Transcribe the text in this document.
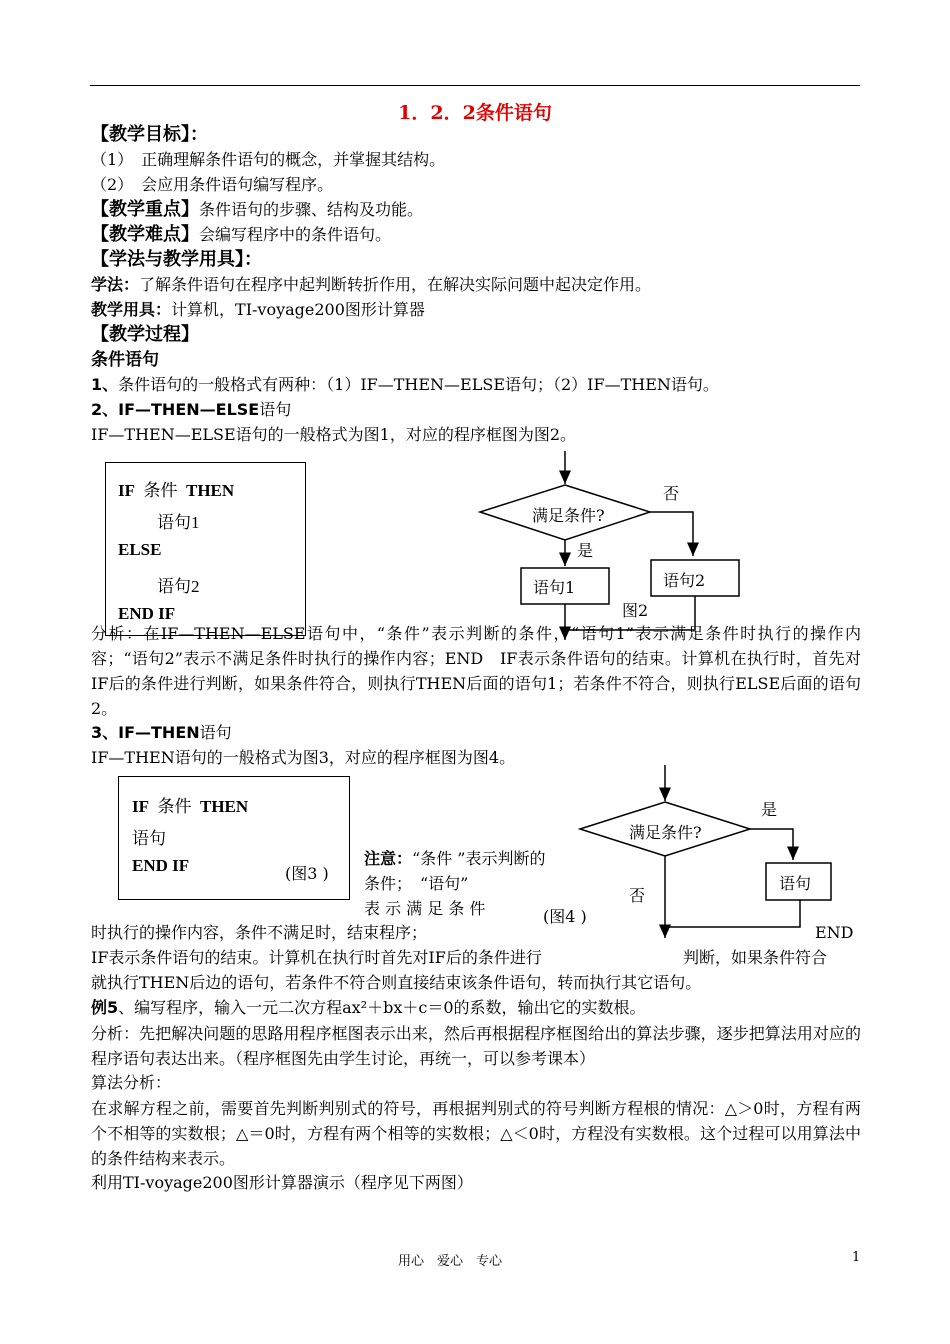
1．2．2条件语句
【教学目标】：
（1）　正确理解条件语句的概念，并掌握其结构。
（2）　会应用条件语句编写程序。
【教学重点】条件语句的步骤、结构及功能。
【教学难点】会编写程序中的条件语句。
【学法与教学用具】：
学法：了解条件语句在程序中起判断转折作用，在解决实际问题中起决定作用。
教学用具：计算机，TI-voyage200图形计算器
【教学过程】
条件语句
1、条件语句的一般格式有两种：（1）IF—THEN—ELSE语句；（2）IF—THEN语句。
2、IF—THEN—ELSE语句
IF—THEN—ELSE语句的一般格式为图1，对应的程序框图为图2。
IF 条件 THEN
语句1
ELSE
语句2
END IF
满足条件?
否
是
语句1	语句2
图2
分析：在IF—THEN—ELSE语句中，“条件”表示判断的条件，“语句1”表示满足条件时执行的操作内容；“语句2”表示不满足条件时执行的操作内容；END　IF表示条件语句的结束。计算机在执行时，首先对IF后的条件进行判断，如果条件符合，则执行THEN后面的语句1；若条件不符合，则执行ELSE后面的语句2。
3、IF—THEN语句
IF—THEN语句的一般格式为图3，对应的程序框图为图4。
IF 条件 THEN
语句
END IF	(图3 )
注意：“条件 ”表示判断的
条件；　“语句”
表 示 满 足 条 件
满足条件?
是
否
语句
(图4 )
时执行的操作内容，条件不满足时，结束程序；	END
IF表示条件语句的结束。计算机在执行时首先对IF后的条件进行	判断，如果条件符合
就执行THEN后边的语句，若条件不符合则直接结束该条件语句，转而执行其它语句。
例5、编写程序，输入一元二次方程ax²＋bx＋c＝0的系数，输出它的实数根。
分析：先把解决问题的思路用程序框图表示出来，然后再根据程序框图给出的算法步骤，逐步把算法用对应的程序语句表达出来。（程序框图先由学生讨论，再统一，可以参考课本）
算法分析：
在求解方程之前，需要首先判断判别式的符号，再根据判别式的符号判断方程根的情况：△＞0时，方程有两个不相等的实数根；△＝0时，方程有两个相等的实数根；△＜0时，方程没有实数根。这个过程可以用算法中的条件结构来表示。
利用TI-voyage200图形计算器演示（程序见下两图）
用心　爱心　专心	1
